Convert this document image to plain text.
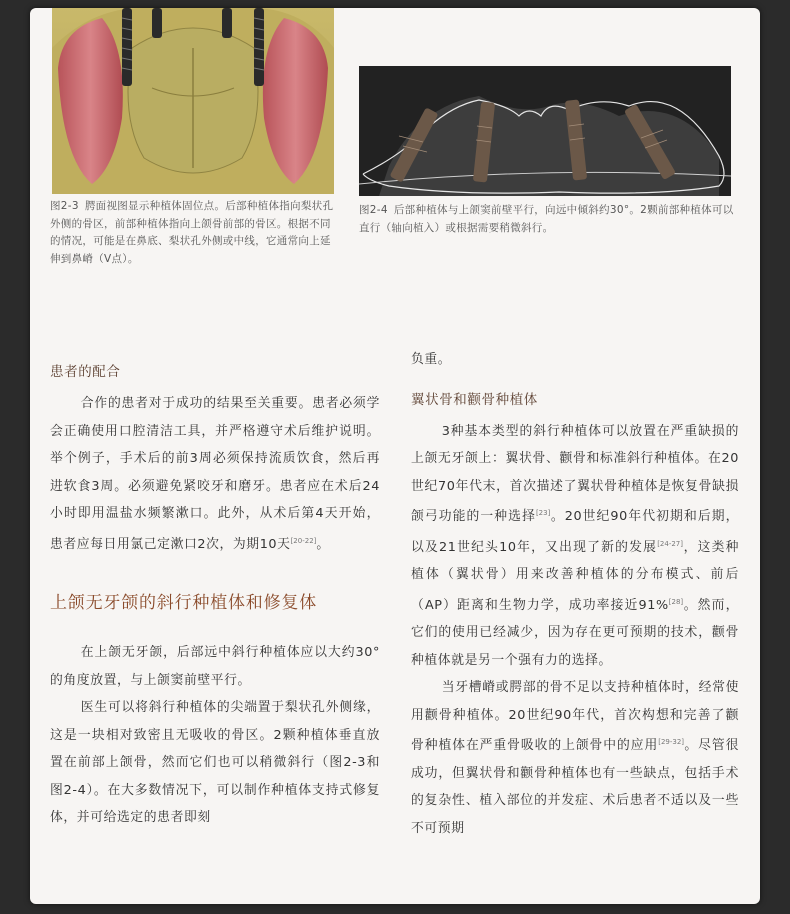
图2-3 腭面视图显示种植体固位点。后部种植体指向梨状孔外侧的骨区，前部种植体指向上颌骨前部的骨区。根据不同的情况，可能是在鼻底、梨状孔外侧或中线，它通常向上延伸到鼻嵴（V点）。
图2-4 后部种植体与上颌窦前壁平行，向远中倾斜约30°。2颗前部种植体可以直行（轴向植入）或根据需要稍微斜行。
患者的配合

合作的患者对于成功的结果至关重要。患者必须学会正确使用口腔清洁工具，并严格遵守术后维护说明。举个例子，手术后的前3周必须保持流质饮食，然后再进软食3周。必须避免紧咬牙和磨牙。患者应在术后24小时即用温盐水频繁漱口。此外，从术后第4天开始，患者应每日用氯己定漱口2次，为期10天[20-22]。

上颌无牙颌的斜行种植体和修复体

在上颌无牙颌，后部远中斜行种植体应以大约30°的角度放置，与上颌窦前壁平行。

医生可以将斜行种植体的尖端置于梨状孔外侧缘，这是一块相对致密且无吸收的骨区。2颗种植体垂直放置在前部上颌骨，然而它们也可以稍微斜行（图2-3和图2-4）。在大多数情况下，可以制作种植体支持式修复体，并可给选定的患者即刻

负重。

翼状骨和颧骨种植体

3种基本类型的斜行种植体可以放置在严重缺损的上颌无牙颌上：翼状骨、颧骨和标准斜行种植体。在20世纪70年代末，首次描述了翼状骨种植体是恢复骨缺损颌弓功能的一种选择[23]。20世纪90年代初期和后期，以及21世纪头10年，又出现了新的发展[24-27]，这类种植体（翼状骨）用来改善种植体的分布模式、前后（AP）距离和生物力学，成功率接近91%[28]。然而，它们的使用已经减少，因为存在更可预期的技术，颧骨种植体就是另一个强有力的选择。

当牙槽嵴或腭部的骨不足以支持种植体时，经常使用颧骨种植体。20世纪90年代，首次构想和完善了颧骨种植体在严重骨吸收的上颌骨中的应用[29-32]。尽管很成功，但翼状骨和颧骨种植体也有一些缺点，包括手术的复杂性、植入部位的并发症、术后患者不适以及一些不可预期
